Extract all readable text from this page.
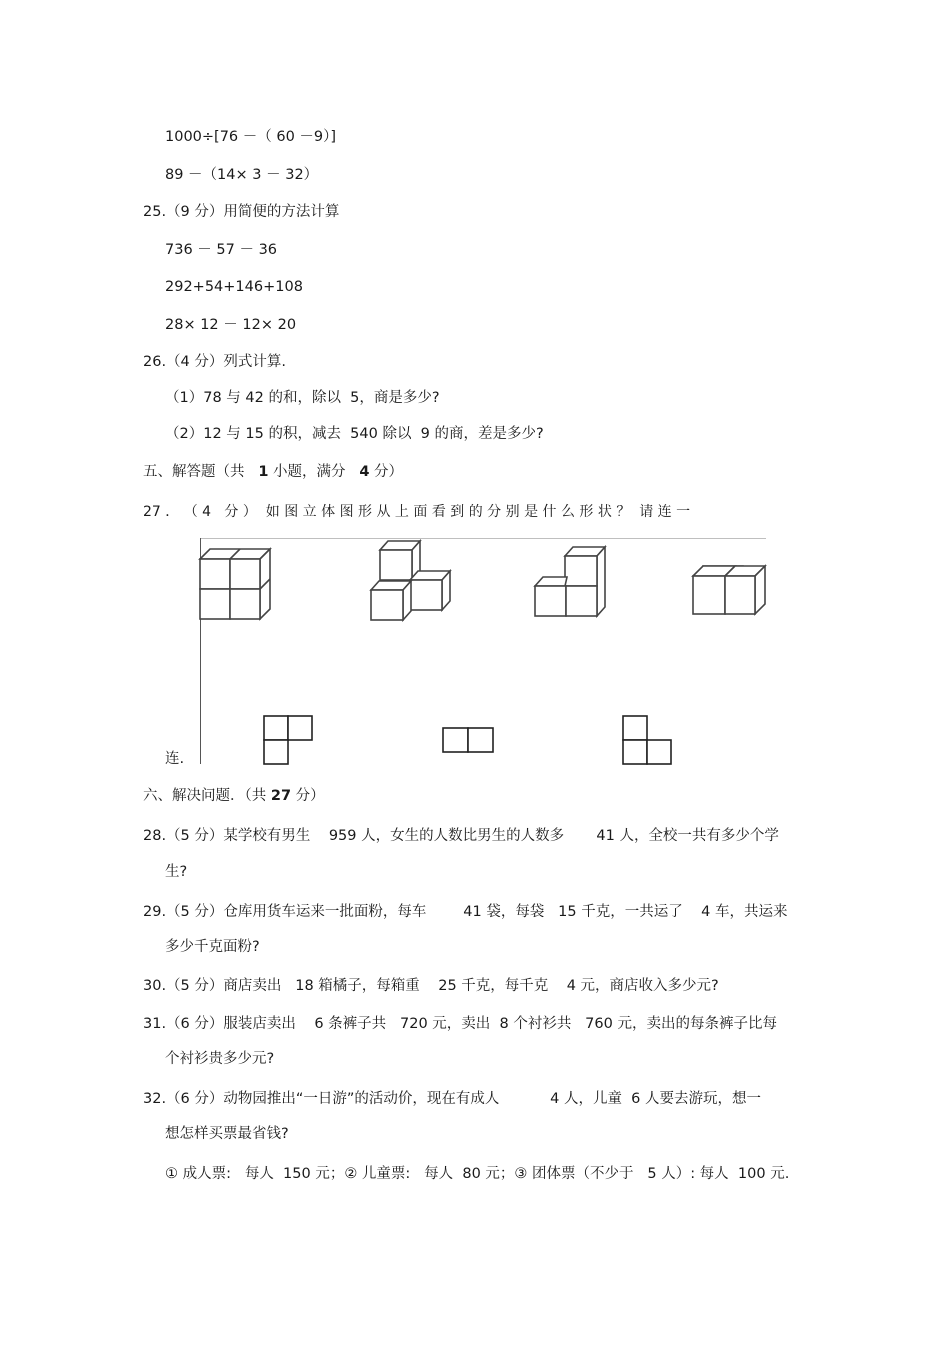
1000÷[76 －（ 60 －9）]
89 －（14× 3 － 32）
25.（9 分）用简便的方法计算
736 － 57 － 36
292+54+146+108
28× 12 － 12× 20
26.（4 分）列式计算.
（1）78 与 42 的和，除以  5，商是多少?
（2）12 与 15 的积，减去  540 除以  9 的商，差是多少?
五、解答题（共   1 小题，满分   4 分）
27 ． （ 4   分 ）  如 图 立 体 图 形 从 上 面 看 到 的 分 别 是 什 么 形 状 ？  请 连 一
连.
六、解决问题．（共 27 分）
28.（5 分）某学校有男生    959 人，女生的人数比男生的人数多       41 人，全校一共有多少个学
生?
29.（5 分）仓库用货车运来一批面粉，每车        41 袋，每袋   15 千克，一共运了    4 车，共运来
多少千克面粉?
30.（5 分）商店卖出   18 箱橘子，每箱重    25 千克，每千克    4 元，商店收入多少元?
31.（6 分）服装店卖出    6 条裤子共   720 元，卖出  8 个衬衫共   760 元，卖出的每条裤子比每
个衬衫贵多少元?
32.（6 分）动物园推出“一日游”的活动价，现在有成人           4 人，儿童  6 人要去游玩，想一
想怎样买票最省钱?
① 成人票:   每人  150 元；② 儿童票:   每人  80 元；③ 团体票（不少于   5 人）: 每人  100 元.
